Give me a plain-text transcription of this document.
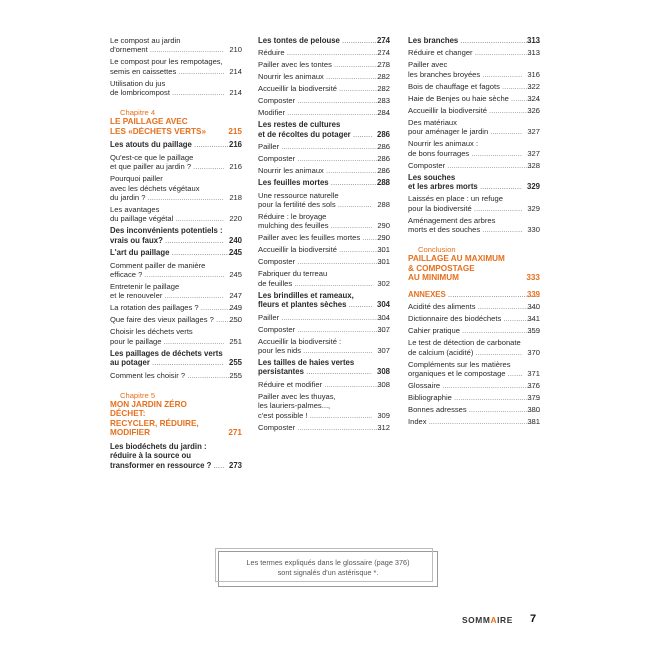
Le compost au jardin
d'ornement .....	210
Le compost pour les rempotages,
semis en caissettes .....	214
Utilisation du jus
de lombricompost .....	214
Chapitre 4
LE PAILLAGE AVEC
LES «DÉCHETS VERTS»	215
Les atouts du paillage .....	216
Qu'est-ce que le paillage
et que pailler au jardin ? .....	216
Pourquoi pailler
avec les déchets végétaux
du jardin ? .....	218
Les avantages
du paillage végétal .....	220
Des inconvénients potentiels :
vrais ou faux? .....	240
L'art du paillage .....	245
Comment pailler de manière
efficace ? .....	245
Entretenir le paillage
et le renouveler .....	247
La rotation des paillages ? .....	249
Que faire des vieux paillages ? .....	250
Choisir les déchets verts
pour le paillage .....	251
Les paillages de déchets verts
au potager .....	255
Comment les choisir ? .....	255
Chapitre 5
MON JARDIN ZÉRO DÉCHET:
RECYCLER, RÉDUIRE,
MODIFIER	271
Les biodéchets du jardin :
réduire à la source ou
transformer en ressource ? .....	273
Les tontes de pelouse .....	274
Réduire .....	274
Pailler avec les tontes .....	278
Nourrir les animaux .....	282
Accueillir la biodiversité .....	282
Composter .....	283
Modifier .....	284
Les restes de cultures
et de récoltes du potager .....	286
Pailler .....	286
Composter .....	286
Nourrir les animaux .....	286
Les feuilles mortes .....	288
Une ressource naturelle
pour la fertilité des sols .....	288
Réduire : le broyage
mulching des feuilles .....	290
Pailler avec les feuilles mortes .....	290
Accueillir la biodiversité .....	301
Composter .....	301
Fabriquer du terreau
de feuilles .....	302
Les brindilles et rameaux,
fleurs et plantes sèches .....	304
Pailler .....	304
Composter .....	307
Accueillir la biodiversité :
pour les nids .....	307
Les tailles de haies vertes
persistantes .....	308
Réduire et modifier .....	308
Pailler avec les thuyas,
les lauriers-palmes...,
c'est possible ! .....	309
Composter .....	312
Les branches .....	313
Réduire et changer .....	313
Pailler avec
les branches broyées .....	316
Bois de chauffage et fagots .....	322
Haie de Benjes ou haie sèche .....	324
Accueillir la biodiversité .....	326
Des matériaux
pour aménager le jardin .....	327
Nourrir les animaux :
de bons fourrages .....	327
Composter .....	328
Les souches
et les arbres morts .....	329
Laissés en place : un refuge
pour la biodiversité .....	329
Aménagement des arbres
morts et des souches .....	330
Conclusion
PAILLAGE AU MAXIMUM
& COMPOSTAGE
AU MINIMUM	333
ANNEXES .....	339
Acidité des aliments .....	340
Dictionnaire des biodéchets .....	341
Cahier pratique .....	359
Le test de détection de carbonate
de calcium (acidité) .....	370
Compléments sur les matières
organiques et le compostage .....	371
Glossaire .....	376
Bibliographie .....	379
Bonnes adresses .....	380
Index .....	381
Les termes expliqués dans le glossaire (page 376)
sont signalés d'un astérisque *.
SOMMAIRE 7
